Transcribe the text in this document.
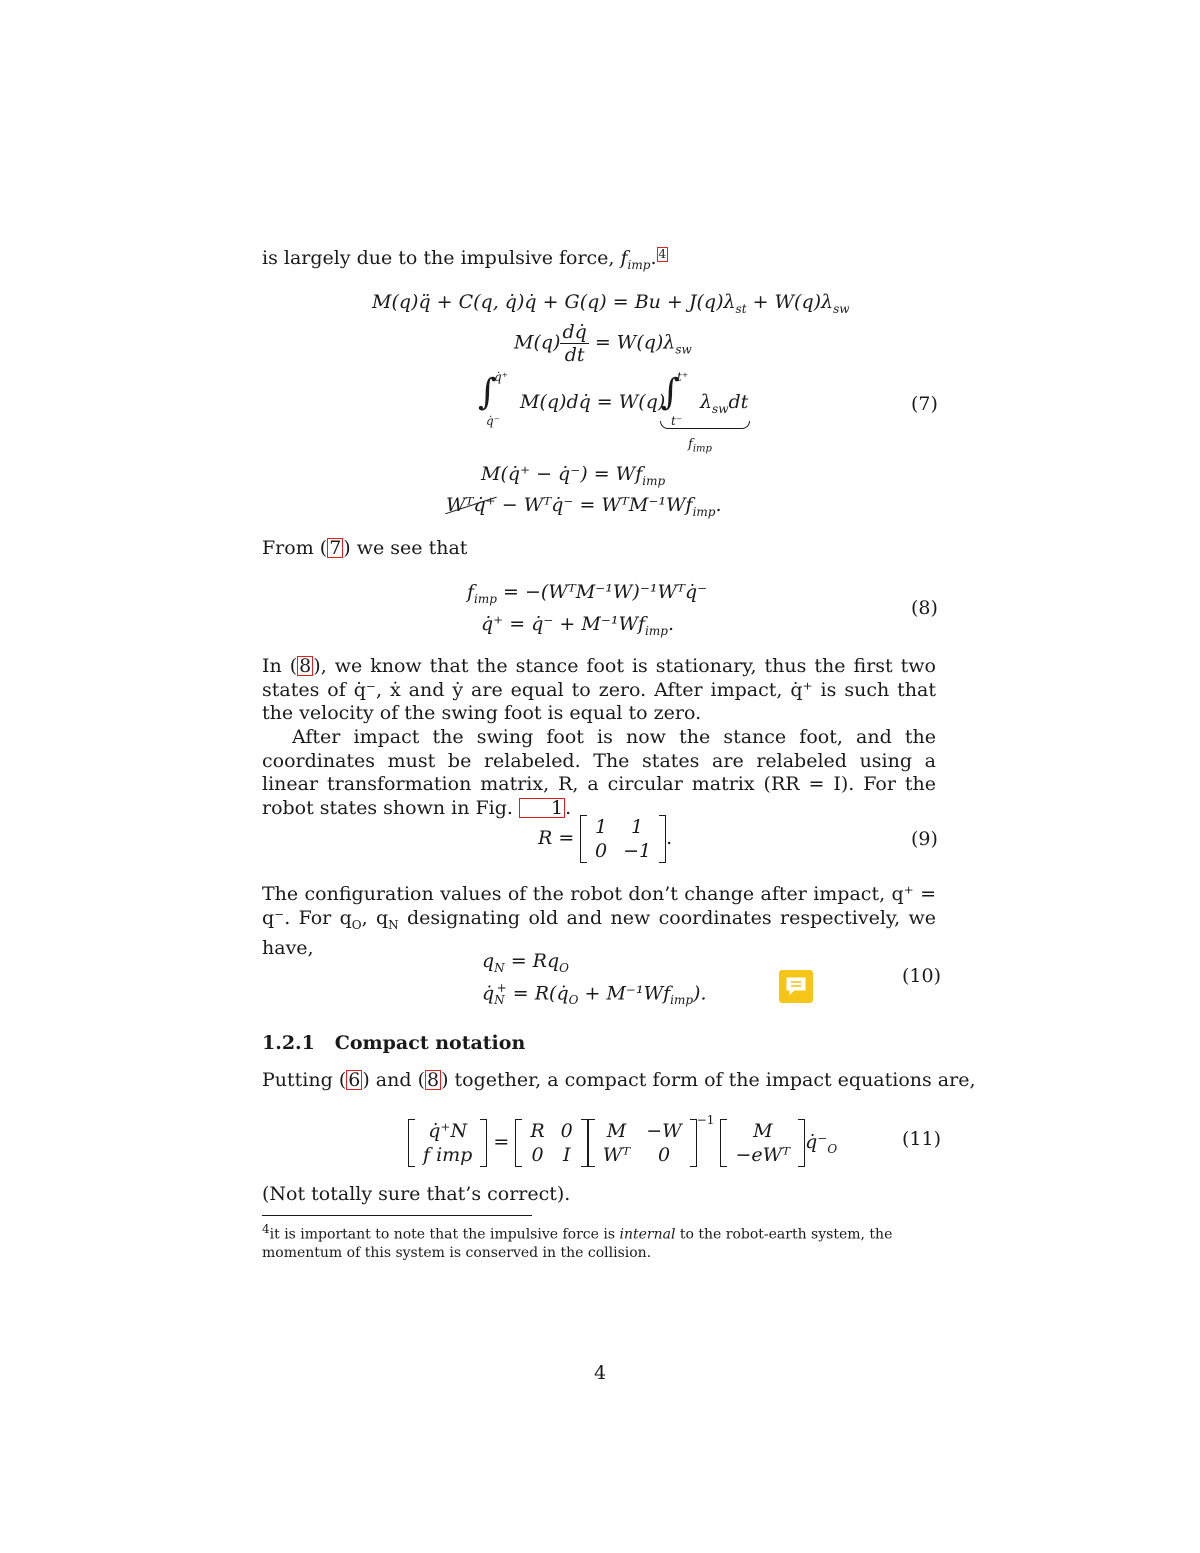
is largely due to the impulsive force, $f_{imp}$. 4
M(q)q̈ + C(q, q̇)q̇ + $G(q) = Bu + J(q)\lambda_{st} + W(q)\lambda_{sw}$
$M(q) \frac{dq̇}{dt} = W(q)\lambda_{sw}$
∫
q̇⁺
q̇⁻
M(q)dq̇ = W(q)
∫
t⁺
t⁻
$\lambda_{sw}dt$
$f_{imp}$
M(q̇⁺ − q̇⁻) = $Wf_{imp}$
Wᵀq̇⁺ − Wᵀq̇⁻ = $WᵀM^{-1}Wf_{imp}$.
(7)
From ( 7 ) we see that
$f_{imp}$ = −(WᵀM⁻¹W)⁻¹Wᵀq̇⁻
q̇⁺ = q̇⁻ + $M^{-1}Wf_{imp}$.
(8)
In ( 8 ), we know that the stance foot is stationary, thus the first two states of q̇⁻, ẋ and ẏ are equal to zero. After impact, q̇⁺ is such that the velocity of the swing foot is equal to zero.
After impact the swing foot is now the stance foot, and the coordinates must be relabeled. The states are relabeled using a linear transformation matrix, R, a circular matrix (RR = I). For the robot states shown in Fig. 1 .
R = 1	1
0	−1
.	(9)
The configuration values of the robot don’t change after impact, q⁺ = q⁻. For $q_O$, $q_N$ designating old and new coordinates respectively, we have,
$q_N = Rq_O$
$q̇_N^+$ = $R(q̇_O + M^{-1}Wf_{imp})$.
(10)
1.2.1 Compact notation
Putting ( 6 ) and ( 8 ) together, a compact form of the impact equations are,
q̇⁺N
f imp
= R	0
0	I
M	−W
Wᵀ	0
$^{-1}$ M
−eWᵀ
$q̇^-_O$	(11)
(Not totally sure that’s correct).
$^4$it is important to note that the impulsive force is internal to the robot-earth system, the momentum of this system is conserved in the collision.
4
